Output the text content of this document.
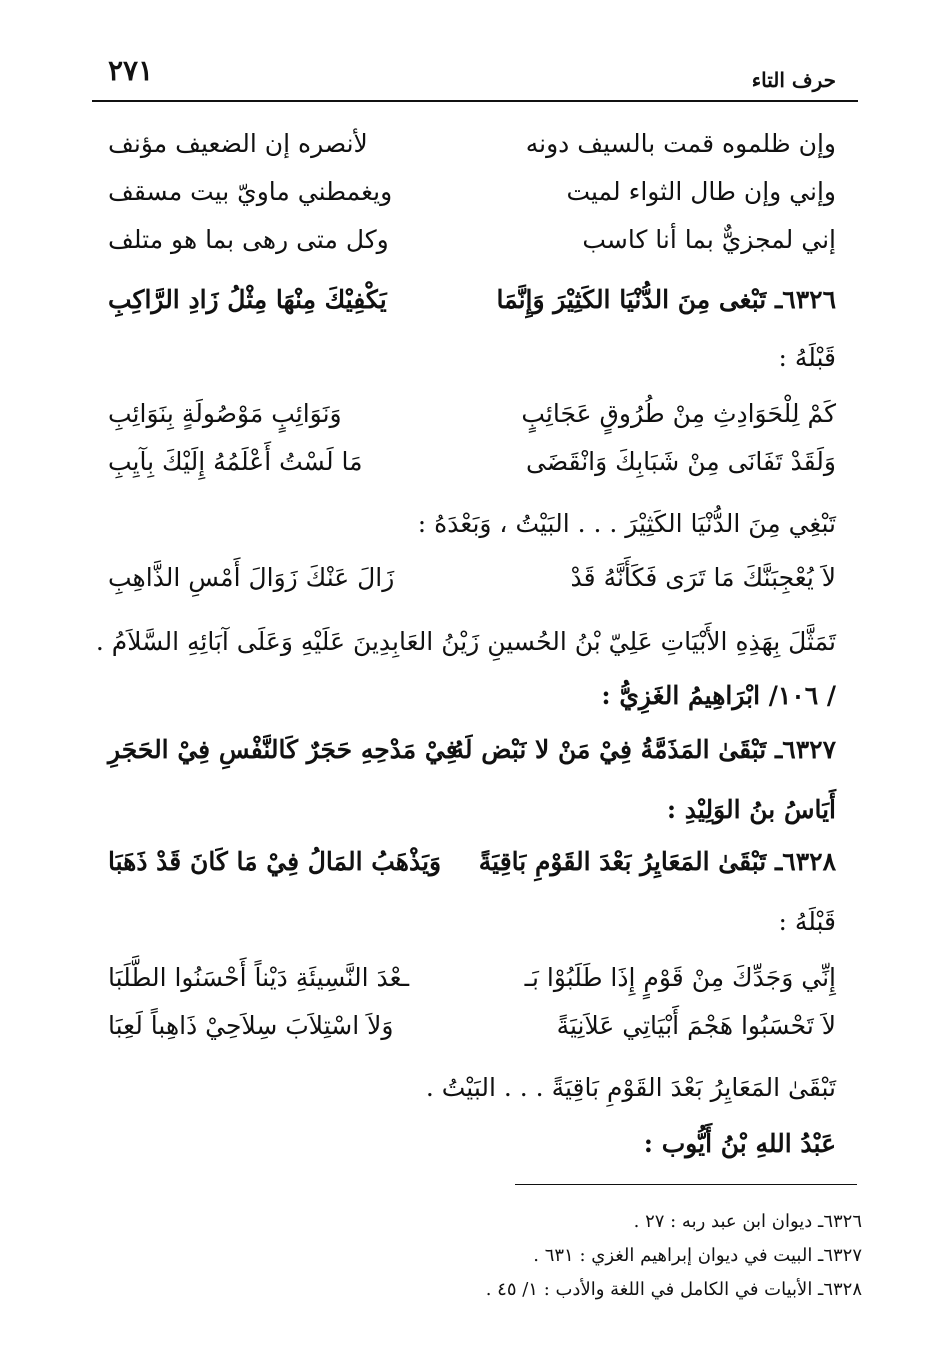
٢٧١	حرف التاء
وإن ظلموه قمت بالسيف دونه
لأنصره إن الضعيف مؤنف
وإني وإن طال الثواء لميت
ويغمطني ماويّ بيت مسقف
إني لمجزيٌّ بما أنا كاسب
وكل متى رهى بما هو متلف
٦٣٢٦ـ تَبْغى مِنَ الدُّنْيَا الكَثِيْرَ وَإِنَّمَا
يَكْفِيْكَ مِنْهَا مِثْلُ زَادِ الرَّاكِبِ
قَبْلَهُ :
كَمْ لِلْحَوَادِثِ مِنْ طُرُوقٍ عَجَائِبٍ
وَنَوَائِبٍ مَوْصُولَةٍ بِنَوَائِبِ
وَلَقَدْ تَفَانَى مِنْ شَبَابِكَ وَانْقَضَى
مَا لَسْتُ أَعْلَمُهُ إِلَيْكَ بِآيِبِ
تَبْغِي مِنَ الدُّنْيَا الكَثِيْرَ . . . البَيْتُ ، وَبَعْدَهُ :
لاَ يُعْجِبَنَّكَ مَا تَرَى فَكَأَنَّهُ قَدْ
زَالَ عَنْكَ زَوَالَ أَمْسِ الذَّاهِبِ
تَمَثَّلَ بِهَذِهِ الأَبْيَاتِ عَلِيّ بْنُ الحُسينِ زَيْنُ العَابِدِينَ عَلَيْهِ وَعَلَى آبَائِهِ السَّلاَمُ .
/ ١٠٦/ ابْرَاهِيمُ الغَزِيُّ :
٦٣٢٧ـ تَبْقَىٰ المَذَمَّةُ فِيْ مَنْ لا نَبْض لَهُ
فِيْ مَدْحِهِ حَجَرٌ كَالنَّفْسِ فِيْ الحَجَرِ
أَيَاسُ بنُ الوَلِيْدِ :
٦٣٢٨ـ تَبْقَىٰ المَعَايِرُ بَعْدَ القَوْمِ بَاقِيَةً
وَيَذْهَبُ المَالُ فِيْ مَا كَانَ قَدْ ذَهَبَا
قَبْلَهُ :
إِنِّي وَجَدِّكَ مِنْ قَوْمٍ إِذَا طَلَبُوْا بَـ
ـعْدَ النَّسِيئَةِ دَيْناً أَحْسَنُوا الطَّلَبَا
لاَ تَحْسَبُوا هَجْمَ أَبْيَاتِي عَلاَنِيَةً
وَلاَ اسْتِلاَبَ سِلاَحِيْ ذَاهِباً لَعِبَا
تَبْقَىٰ المَعَايِرُ بَعْدَ القَوْمِ بَاقِيَةً . . . البَيْتُ .
عَبْدُ اللهِ بْنُ أَيُّوب :
٦٣٢٦ـ ديوان ابن عبد ربه : ٢٧ .
٦٣٢٧ـ البيت في ديوان إبراهيم الغزي : ٦٣١ .
٦٣٢٨ـ الأبيات في الكامل في اللغة والأدب : ١/ ٤٥ .
